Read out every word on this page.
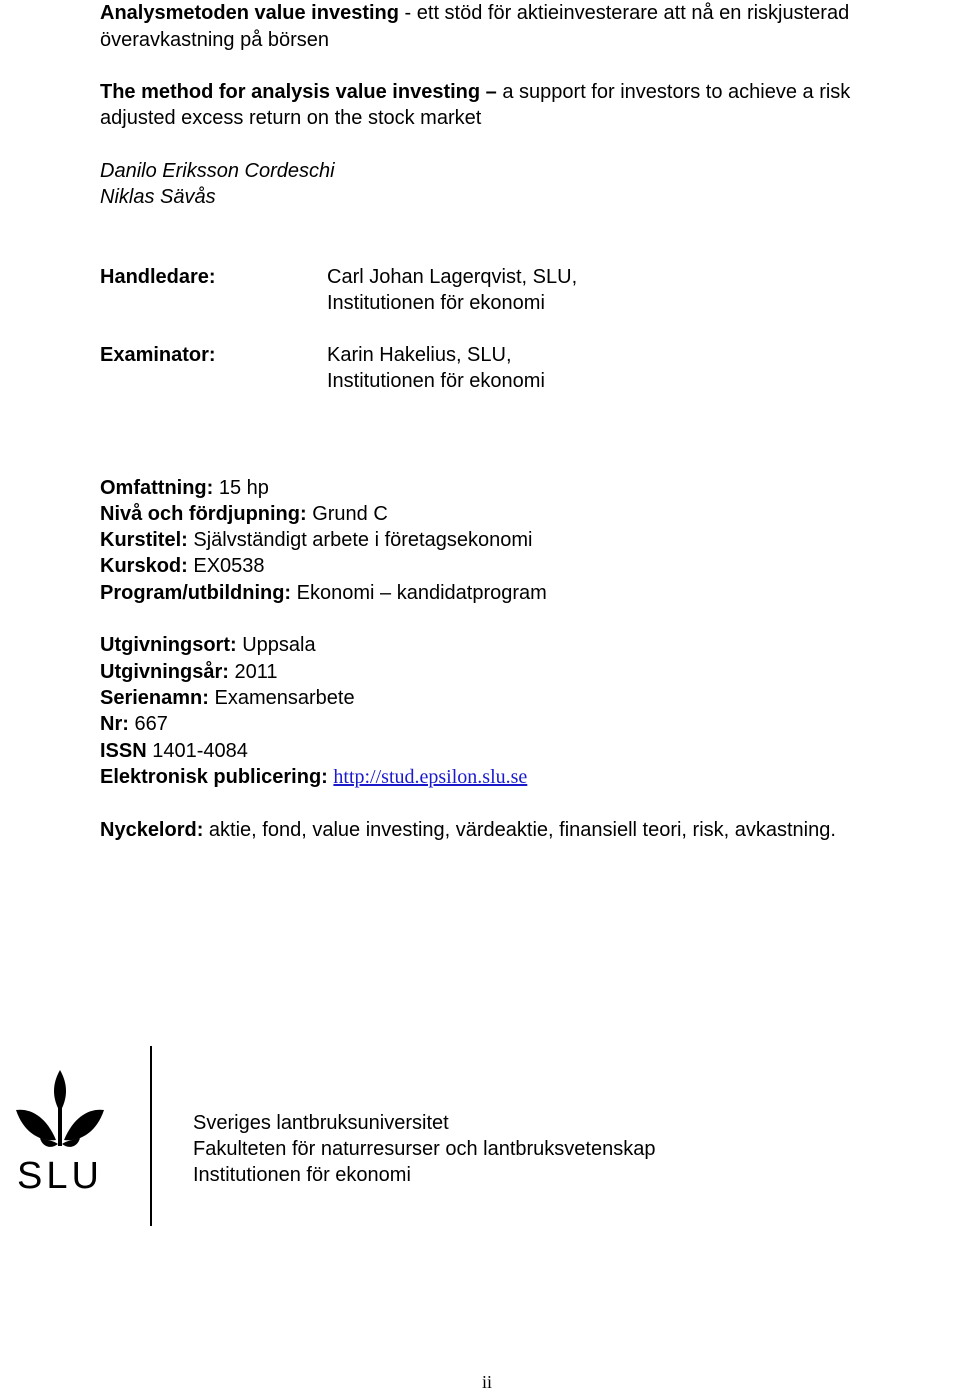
Analysmetoden value investing - ett stöd för aktieinvesterare att nå en riskjusterad
överavkastning på börsen
The method for analysis value investing – a support for investors to achieve a risk
adjusted excess return on the stock market
Danilo Eriksson Cordeschi
Niklas Sävås
Handledare:	Carl Johan Lagerqvist, SLU,
Institutionen för ekonomi
Examinator:	Karin Hakelius, SLU,
Institutionen för ekonomi
Omfattning: 15 hp
Nivå och fördjupning: Grund C
Kurstitel: Självständigt arbete i företagsekonomi
Kurskod: EX0538
Program/utbildning: Ekonomi – kandidatprogram
Utgivningsort: Uppsala
Utgivningsår: 2011
Serienamn: Examensarbete
Nr: 667
ISSN 1401-4084
Elektronisk publicering: http://stud.epsilon.slu.se
Nyckelord: aktie, fond, value investing, värdeaktie, finansiell teori, risk, avkastning.
SLU
Sveriges lantbruksuniversitet
Fakulteten för naturresurser och lantbruksvetenskap
Institutionen för ekonomi
ii
